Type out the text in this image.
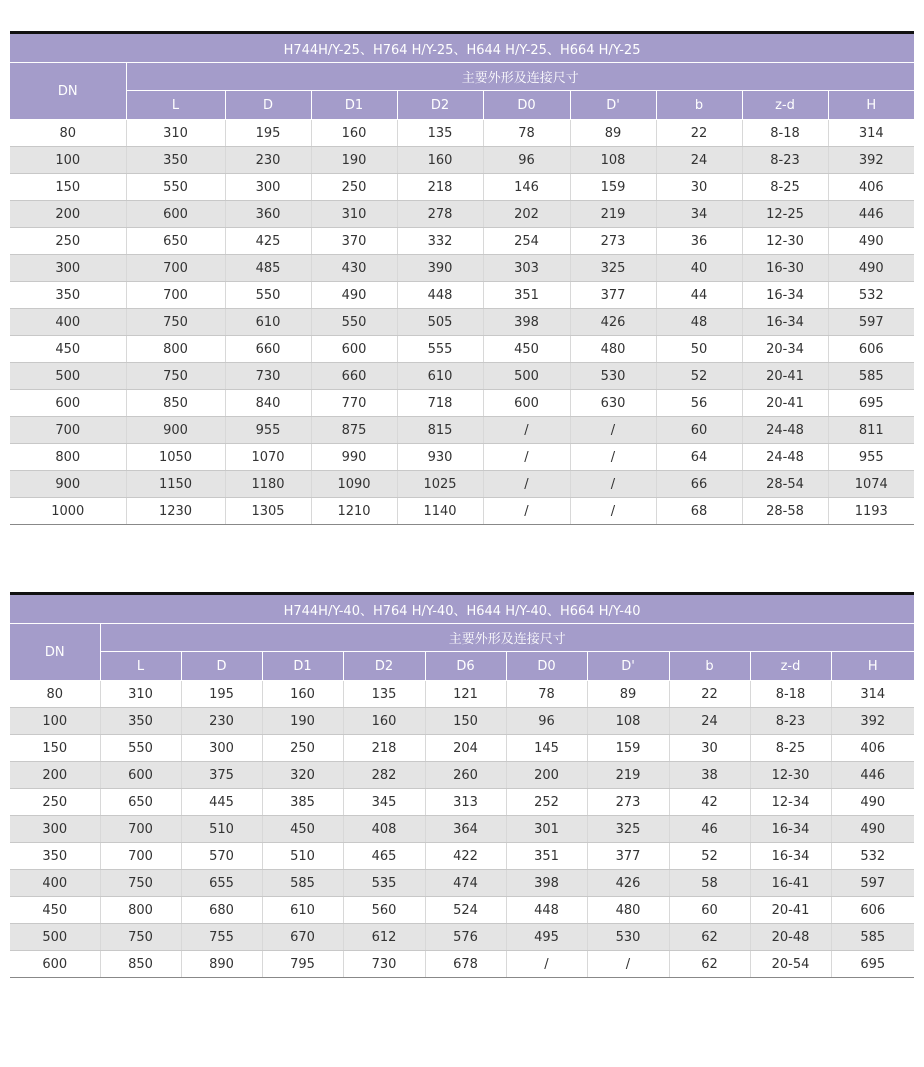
H744H/Y-25、H764 H/Y-25、H644 H/Y-25、H664 H/Y-25									
DN	主要外形及连接尺寸								
	L	D	D1	D2	D0	D'	b	z-d	H
80	310	195	160	135	78	89	22	8-18	314
100	350	230	190	160	96	108	24	8-23	392
150	550	300	250	218	146	159	30	8-25	406
200	600	360	310	278	202	219	34	12-25	446
250	650	425	370	332	254	273	36	12-30	490
300	700	485	430	390	303	325	40	16-30	490
350	700	550	490	448	351	377	44	16-34	532
400	750	610	550	505	398	426	48	16-34	597
450	800	660	600	555	450	480	50	20-34	606
500	750	730	660	610	500	530	52	20-41	585
600	850	840	770	718	600	630	56	20-41	695
700	900	955	875	815	/	/	60	24-48	811
800	1050	1070	990	930	/	/	64	24-48	955
900	1150	1180	1090	1025	/	/	66	28-54	1074
1000	1230	1305	1210	1140	/	/	68	28-58	1193
H744H/Y-40、H764 H/Y-40、H644 H/Y-40、H664 H/Y-40										
DN	主要外形及连接尺寸									
	L	D	D1	D2	D6	D0	D'	b	z-d	H
80	310	195	160	135	121	78	89	22	8-18	314
100	350	230	190	160	150	96	108	24	8-23	392
150	550	300	250	218	204	145	159	30	8-25	406
200	600	375	320	282	260	200	219	38	12-30	446
250	650	445	385	345	313	252	273	42	12-34	490
300	700	510	450	408	364	301	325	46	16-34	490
350	700	570	510	465	422	351	377	52	16-34	532
400	750	655	585	535	474	398	426	58	16-41	597
450	800	680	610	560	524	448	480	60	20-41	606
500	750	755	670	612	576	495	530	62	20-48	585
600	850	890	795	730	678	/	/	62	20-54	695
